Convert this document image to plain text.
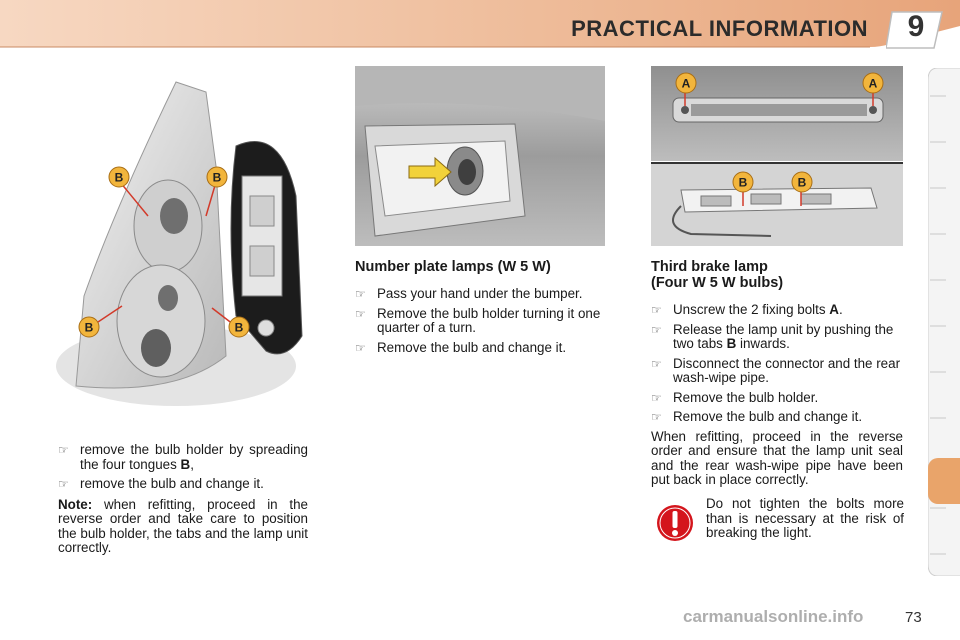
PRACTICAL INFORMATION	9
B	B
B	B
A	A
B	B
☞ remove the bulb holder by spreading the four tongues B,
☞ remove the bulb and change it.

Note: when refitting, proceed in the reverse order and take care to position the bulb holder, the tabs and the lamp unit correctly.

Number plate lamps (W 5 W)
☞ Pass your hand under the bumper.
☞ Remove the bulb holder turning it one quarter of a turn.
☞ Remove the bulb and change it.
Third brake lamp
(Four W 5 W bulbs)
☞ Unscrew the 2 fixing bolts A.
☞ Release the lamp unit by pushing the two tabs B inwards.
☞ Disconnect the connector and the rear wash-wipe pipe.
☞ Remove the bulb holder.
☞ Remove the bulb and change it.

When refitting, proceed in the reverse order and ensure that the lamp unit seal and the rear wash-wipe pipe have been put back in place correctly.

Do not tighten the bolts more than is necessary at the risk of breaking the light.
carmanualsonline.info	73
